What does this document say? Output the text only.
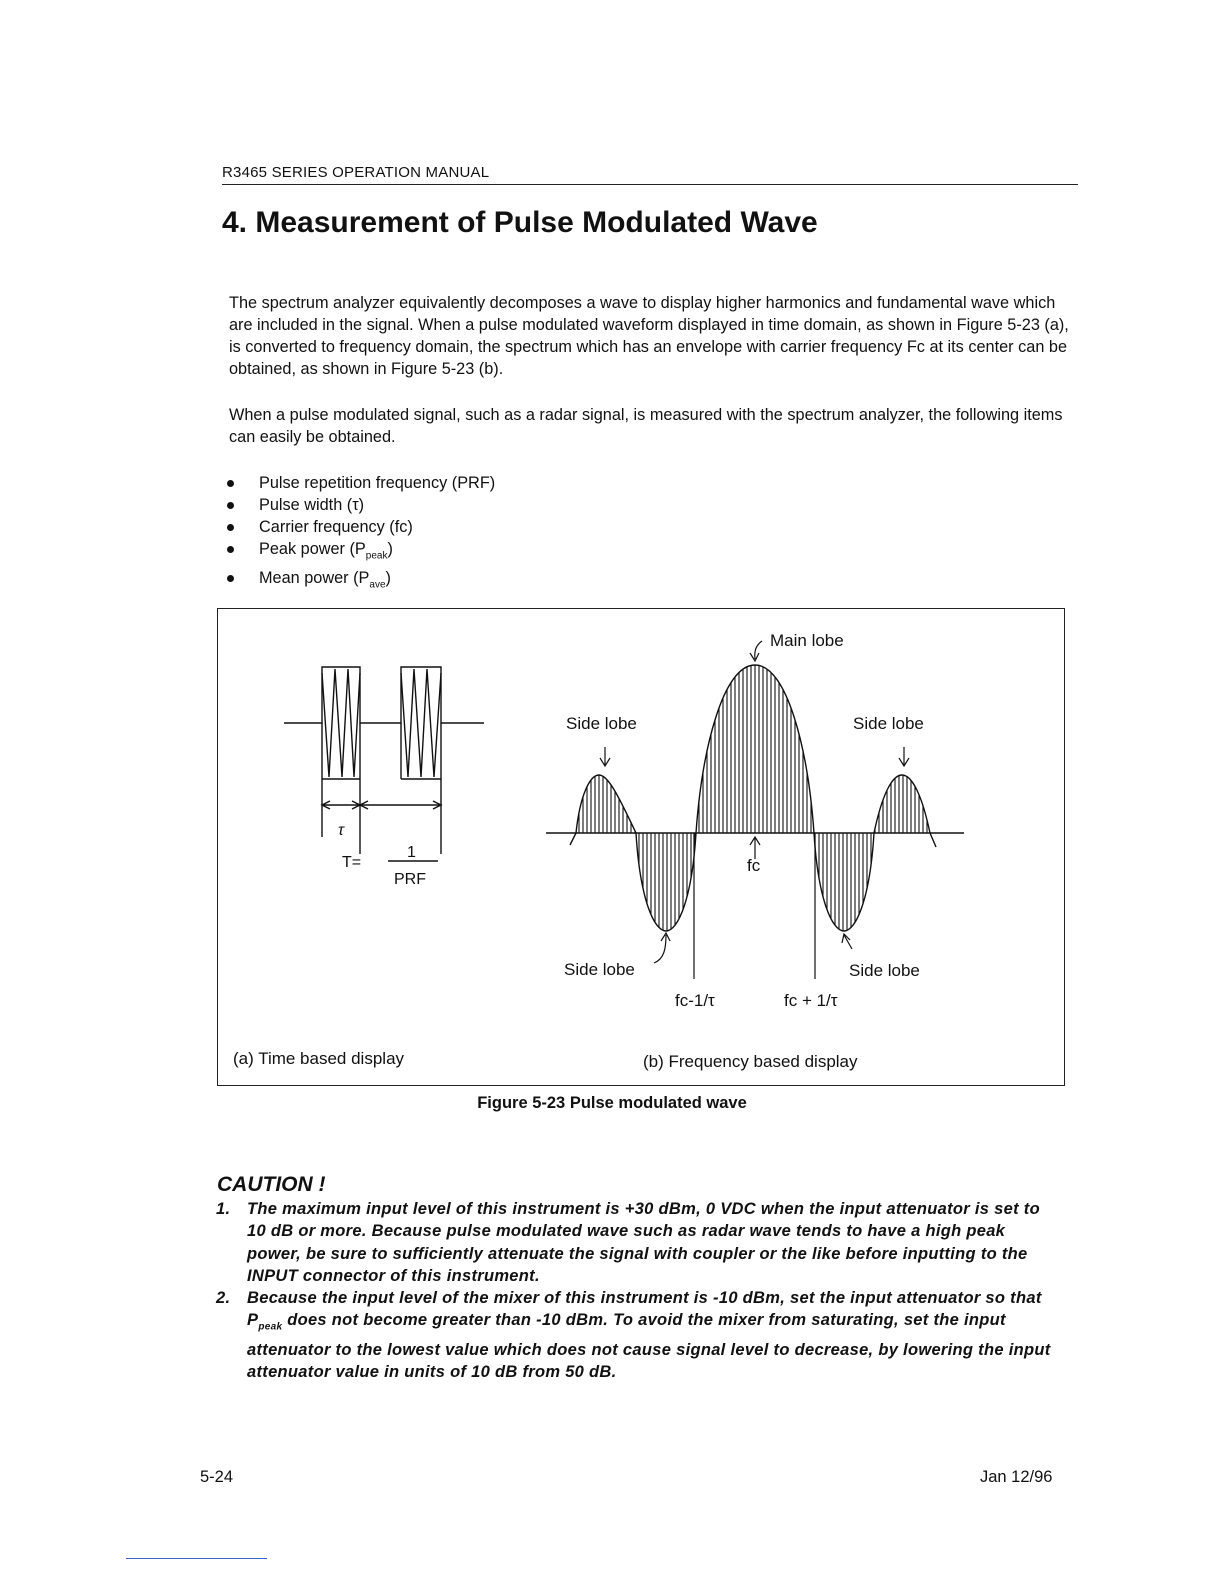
R3465 SERIES OPERATION MANUAL
4. Measurement of Pulse Modulated Wave

The spectrum analyzer equivalently decomposes a wave to display higher harmonics and fundamental wave which are included in the signal. When a pulse modulated waveform displayed in time domain, as shown in Figure 5-23 (a), is converted to frequency domain, the spectrum which has an envelope with carrier frequency Fc at its center can be obtained, as shown in Figure 5-23 (b).

When a pulse modulated signal, such as a radar signal, is measured with the spectrum analyzer, the following items can easily be obtained.

Pulse repetition frequency (PRF)
Pulse width (τ)
Carrier frequency (fc)
Peak power $(P_{peak})$
Mean power $(P_{ave})$
τ
T=
1
PRF
(a) Time based display
Main lobe
Side lobe	Side lobe
Side lobe	Side lobe
fc
fc-1/τ	fc + 1/τ
(b) Frequency based display
Figure 5-23 Pulse modulated wave
CAUTION !
1. The maximum input level of this instrument is +30 dBm, 0 VDC when the input attenuator is set to 10 dB or more. Because pulse modulated wave such as radar wave tends to have a high peak power, be sure to sufficiently attenuate the signal with coupler or the like before inputting to the INPUT connector of this instrument.
2. Because the input level of the mixer of this instrument is -10 dBm, set the input attenuator so that $P_{peak}$ does not become greater than -10 dBm. To avoid the mixer from saturating, set the input attenuator to the lowest value which does not cause signal level to decrease, by lowering the input attenuator value in units of 10 dB from 50 dB.
5-24	Jan 12/96
